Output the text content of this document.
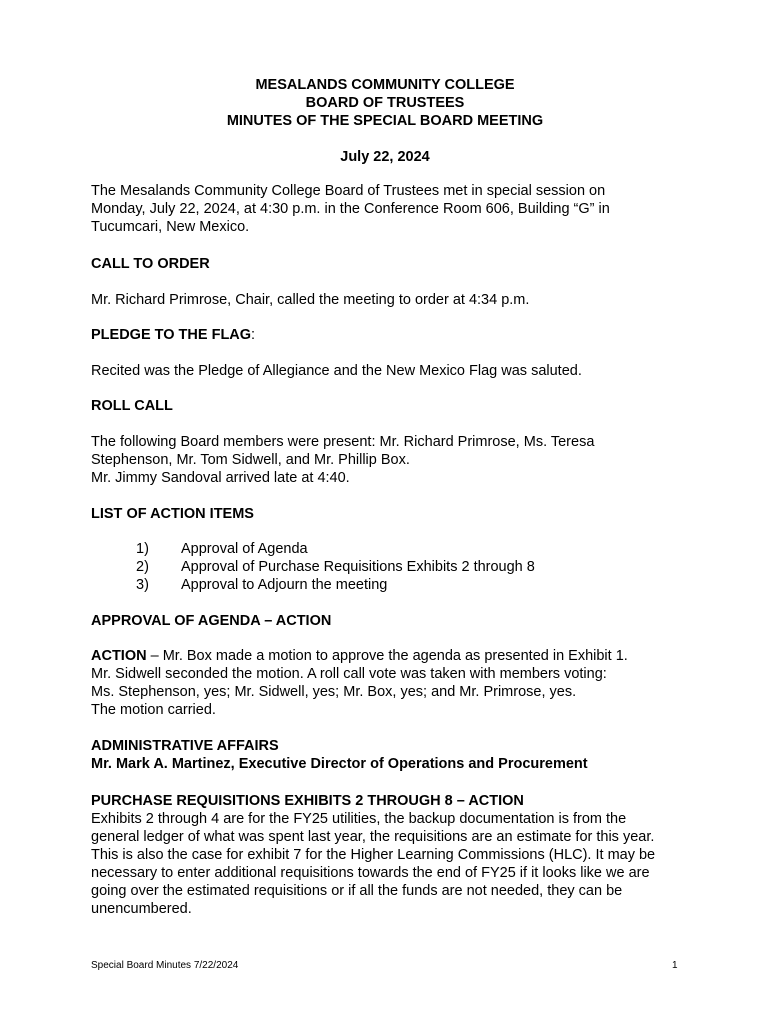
MESALANDS COMMUNITY COLLEGE
BOARD OF TRUSTEES
MINUTES OF THE SPECIAL BOARD MEETING
July 22, 2024
The Mesalands Community College Board of Trustees met in special session on
Monday, July 22, 2024, at 4:30 p.m. in the Conference Room 606, Building “G” in
Tucumcari, New Mexico.
CALL TO ORDER
Mr. Richard Primrose, Chair, called the meeting to order at 4:34 p.m.
PLEDGE TO THE FLAG:
Recited was the Pledge of Allegiance and the New Mexico Flag was saluted.
ROLL CALL
The following Board members were present: Mr. Richard Primrose, Ms. Teresa
Stephenson, Mr. Tom Sidwell, and Mr. Phillip Box.
Mr. Jimmy Sandoval arrived late at 4:40.
LIST OF ACTION ITEMS
1) Approval of Agenda
2) Approval of Purchase Requisitions Exhibits 2 through 8
3) Approval to Adjourn the meeting
APPROVAL OF AGENDA – ACTION
ACTION – Mr. Box made a motion to approve the agenda as presented in Exhibit 1.
Mr. Sidwell seconded the motion. A roll call vote was taken with members voting:
Ms. Stephenson, yes; Mr. Sidwell, yes; Mr. Box, yes; and Mr. Primrose, yes.
The motion carried.
ADMINISTRATIVE AFFAIRS
Mr. Mark A. Martinez, Executive Director of Operations and Procurement
PURCHASE REQUISITIONS EXHIBITS 2 THROUGH 8 – ACTION
Exhibits 2 through 4 are for the FY25 utilities, the backup documentation is from the
general ledger of what was spent last year, the requisitions are an estimate for this year.
This is also the case for exhibit 7 for the Higher Learning Commissions (HLC). It may be
necessary to enter additional requisitions towards the end of FY25 if it looks like we are
going over the estimated requisitions or if all the funds are not needed, they can be
unencumbered.
Special Board Minutes 7/22/2024	1
